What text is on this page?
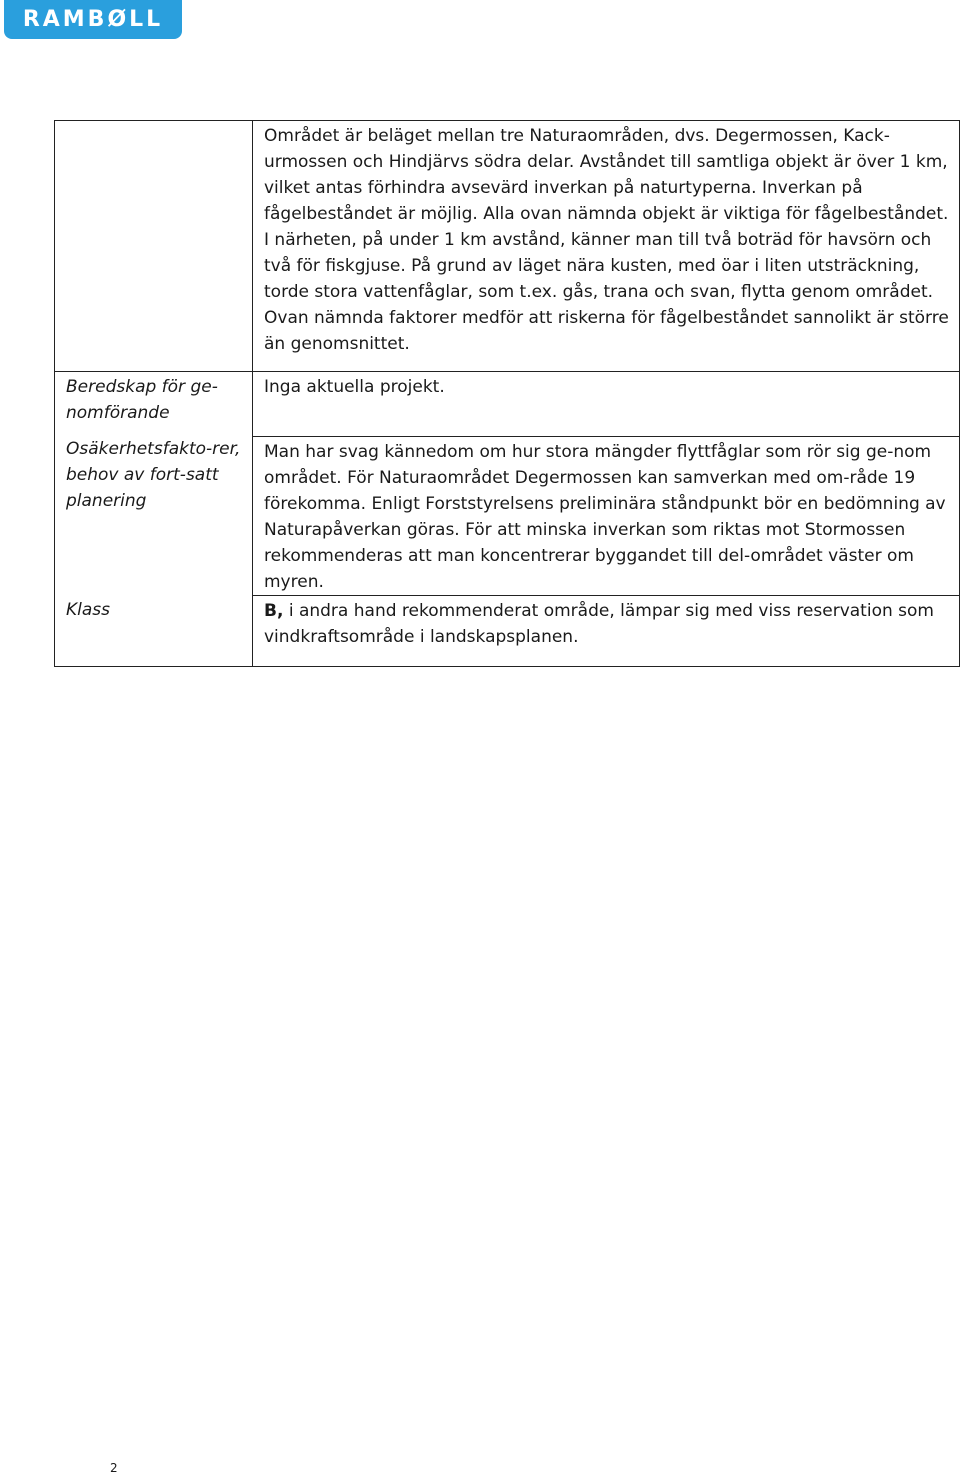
RAMBØLL
	Området är beläget mellan tre Naturaområden, dvs. Degermossen, Kack-urmossen och Hindjärvs södra delar. Avståndet till samtliga objekt är över 1 km, vilket antas förhindra avsevärd inverkan på naturtyperna. Inverkan på fågelbeståndet är möjlig. Alla ovan nämnda objekt är viktiga för fågelbeståndet. I närheten, på under 1 km avstånd, känner man till två boträd för havsörn och två för fiskgjuse. På grund av läget nära kusten, med öar i liten utsträckning, torde stora vattenfåglar, som t.ex. gås, trana och svan, flytta genom området. Ovan nämnda faktorer medför att riskerna för fågelbeståndet sannolikt är större än genomsnittet.
Beredskap för ge-nomförande	Inga aktuella projekt.
Osäkerhetsfakto-rer, behov av fort-satt planering	Man har svag kännedom om hur stora mängder flyttfåglar som rör sig ge-nom området. För Naturaområdet Degermossen kan samverkan med om-råde 19 förekomma. Enligt Forststyrelsens preliminära ståndpunkt bör en bedömning av Naturapåverkan göras. För att minska inverkan som riktas mot Stormossen rekommenderas att man koncentrerar byggandet till del-området väster om myren.
Klass	B, i andra hand rekommenderat område, lämpar sig med viss reservation som vindkraftsområde i landskapsplanen.
2
